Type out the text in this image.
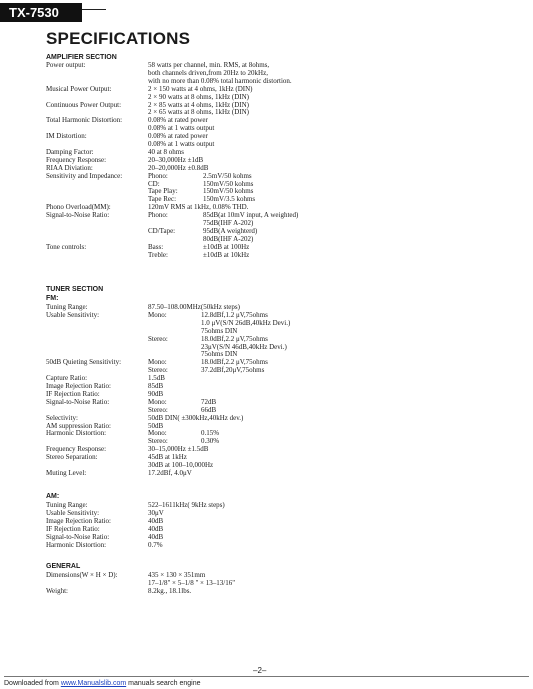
TX-7530
SPECIFICATIONS
AMPLIFIER SECTION
Power output:	58 watts per channel, min. RMS, at 8ohms,
both channels driven,from 20Hz to 20kHz,
with no more than 0.08% total harmonic distortion.
Musical Power Output:	2 × 150 watts at 4 ohms, 1kHz (DIN)
2 × 90 watts at 8 ohms, 1kHz (DIN)
Continuous Power Output:	2 × 85 watts at 4 ohms, 1kHz (DIN)
2 × 65 watts at 8 ohms, 1kHz (DIN)
Total Harmonic Distortion:	0.08% at rated power
0.08% at 1 watts output
IM Distortion:	0.08% at rated power
0.08% at 1 watts output
Damping Factor:	40 at 8 ohms
Frequency Response:	20–30,000Hz ±1dB
RIAA Diviation:	20–20,000Hz ±0.8dB
Sensitivity and Impedance:	Phono:	2.5mV/50 kohms
CD:	150mV/50 kohms
Tape Play:	150mV/50 kohms
Tape Rec:	150mV/3.5 kohms
Phono Overload(MM):	120mV RMS at 1kHz, 0.08% THD.
Signal-to-Noise Ratio:	Phono:	85dB(at 10mV input, A weighted)
75dB(IHF A-202)
CD/Tape:	95dB(A weighterd)
80dB(IHF A-202)
Tone controls:	Bass:	±10dB at 100Hz
Treble:	±10dB at 10kHz
TUNER SECTION
FM:
Tuning Range:	87.50–108.00MHz(50kHz steps)
Usable Sensitivity:	Mono:	12.8dBf,1.2 μV,75ohms
1.0 μV(S/N 26dB,40kHz Devi.)
75ohms DIN
Stereo:	18.0dBf,2.2 μV,75ohms
23μV(S/N 46dB,40kHz Devi.)
75ohms DIN
50dB Quieting Sensitivity:	Mono:	18.0dBf,2.2 μV,75ohms
Stereo:	37.2dBf,20μV,75ohms
Capture Ratio:	1.5dB
Image Rejection Ratio:	85dB
IF Rejection Ratio:	90dB
Signal-to-Noise Ratio:	Mono:	72dB
Stereo:	66dB
Selectivity:	50dB DIN( ±300kHz,40kHz dev.)
AM suppression Ratio:	50dB
Harmonic Distortion:	Mono:	0.15%
Stereo:	0.30%
Frequency Response:	30–15,000Hz ±1.5dB
Stereo Separation:	45dB at 1kHz
30dB at 100–10,000Hz
Muting Level:	17.2dBf, 4.0μV
AM:
Tuning Range:	522–1611kHz( 9kHz steps)
Usable Sensitivity:	30μV
Image Rejection Ratio:	40dB
IF Rejection Ratio:	40dB
Signal-to-Noise Ratio:	40dB
Harmonic Distortion:	0.7%
GENERAL
Dimensions(W × H × D):	435 × 130 × 351mm
17–1/8" × 5–1/8 " × 13–13/16"
Weight:	8.2kg., 18.1lbs.
–2–
Downloaded from www.Manualslib.com manuals search engine
